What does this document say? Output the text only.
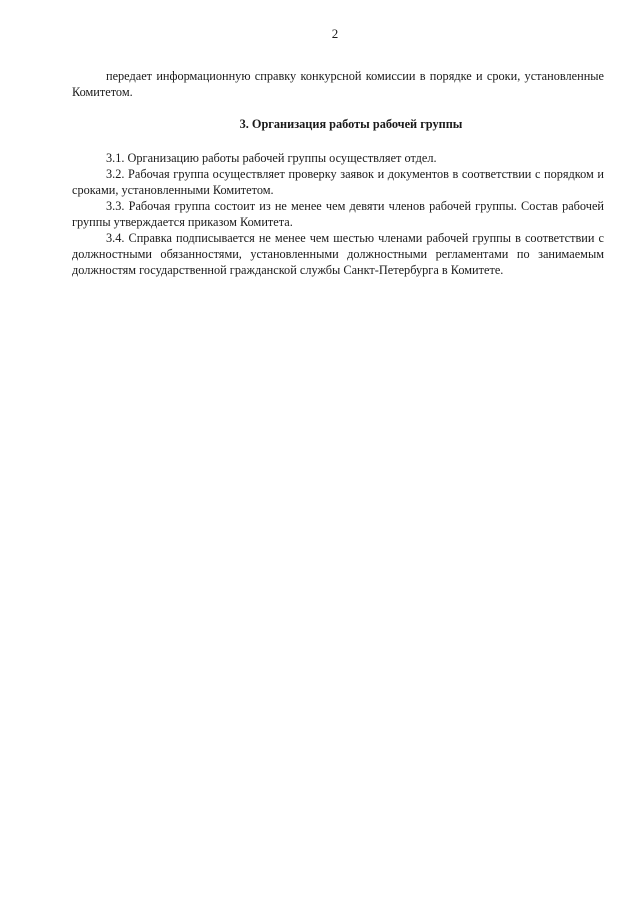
2

передает информационную справку конкурсной комиссии в порядке и сроки, установленные Комитетом.

3. Организация работы рабочей группы

3.1. Организацию работы рабочей группы осуществляет отдел.

3.2. Рабочая группа осуществляет проверку заявок и документов в соответствии с порядком и сроками, установленными Комитетом.

3.3. Рабочая группа состоит из не менее чем девяти членов рабочей группы. Состав рабочей группы утверждается приказом Комитета.

3.4. Справка подписывается не менее чем шестью членами рабочей группы в соответствии с должностными обязанностями, установленными должностными регламентами по занимаемым должностям государственной гражданской службы Санкт-Петербурга в Комитете.
